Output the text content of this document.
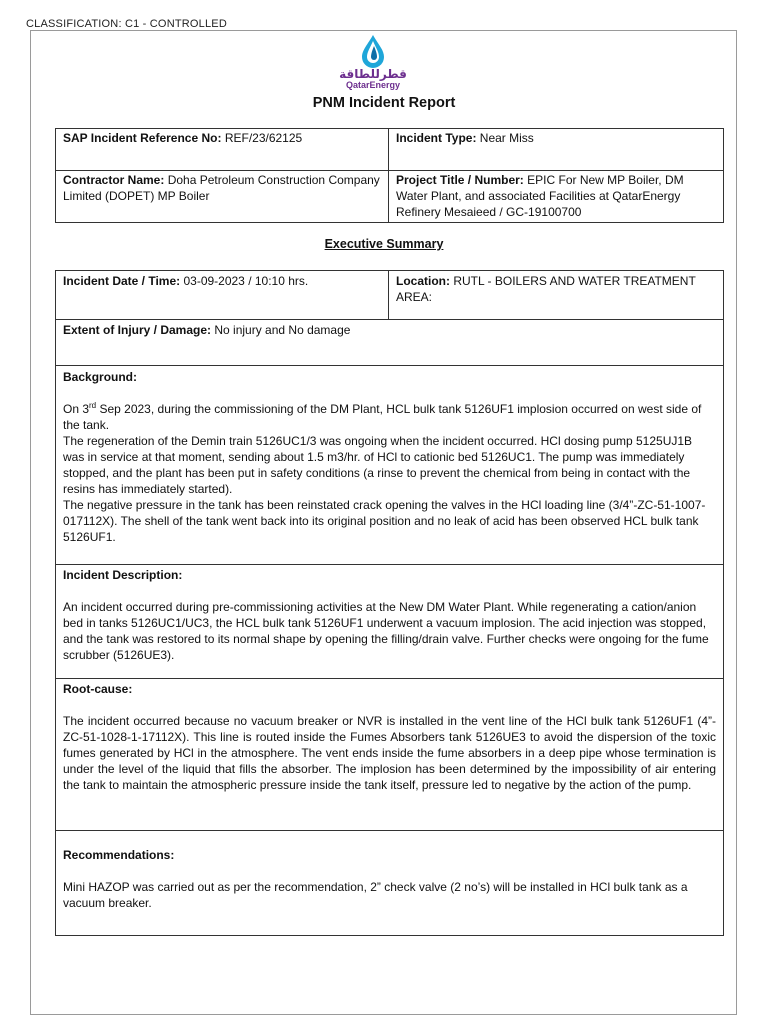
CLASSIFICATION: C1 - CONTROLLED
قطرللطاقة
QatarEnergy
PNM Incident Report
SAP Incident Reference No: REF/23/62125	Incident Type: Near Miss
Contractor Name: Doha Petroleum Construction Company Limited (DOPET) MP Boiler	Project Title / Number: EPIC For New MP Boiler, DM Water Plant, and associated Facilities at QatarEnergy Refinery Mesaieed / GC-19100700
Executive Summary
Incident Date / Time: 03-09-2023 / 10:10 hrs.	Location: RUTL - BOILERS AND WATER TREATMENT AREA:
Extent of Injury / Damage: No injury and No damage

Background:

On 3rd Sep 2023, during the commissioning of the DM Plant, HCL bulk tank 5126UF1 implosion occurred on west side of the tank.

The regeneration of the Demin train 5126UC1/3 was ongoing when the incident occurred. HCl dosing pump 5125UJ1B was in service at that moment, sending about 1.5 m3/hr. of HCl to cationic bed 5126UC1. The pump was immediately stopped, and the plant has been put in safety conditions (a rinse to prevent the chemical from being in contact with the resins has immediately started).

The negative pressure in the tank has been reinstated crack opening the valves in the HCl loading line (3/4”-ZC-51-1007-017112X). The shell of the tank went back into its original position and no leak of acid has been observed HCL bulk tank 5126UF1.

Incident Description:

An incident occurred during pre-commissioning activities at the New DM Water Plant. While regenerating a cation/anion bed in tanks 5126UC1/UC3, the HCL bulk tank 5126UF1 underwent a vacuum implosion. The acid injection was stopped, and the tank was restored to its normal shape by opening the filling/drain valve. Further checks were ongoing for the fume scrubber (5126UE3).

Root-cause:

The incident occurred because no vacuum breaker or NVR is installed in the vent line of the HCl bulk tank 5126UF1 (4”-ZC-51-1028-1-17112X). This line is routed inside the Fumes Absorbers tank 5126UE3 to avoid the dispersion of the toxic fumes generated by HCl in the atmosphere. The vent ends inside the fume absorbers in a deep pipe whose termination is under the level of the liquid that fills the absorber. The implosion has been determined by the impossibility of air entering the tank to maintain the atmospheric pressure inside the tank itself, pressure led to negative by the action of the pump.

Recommendations:

Mini HAZOP was carried out as per the recommendation, 2” check valve (2 no’s) will be installed in HCl bulk tank as a vacuum breaker.
